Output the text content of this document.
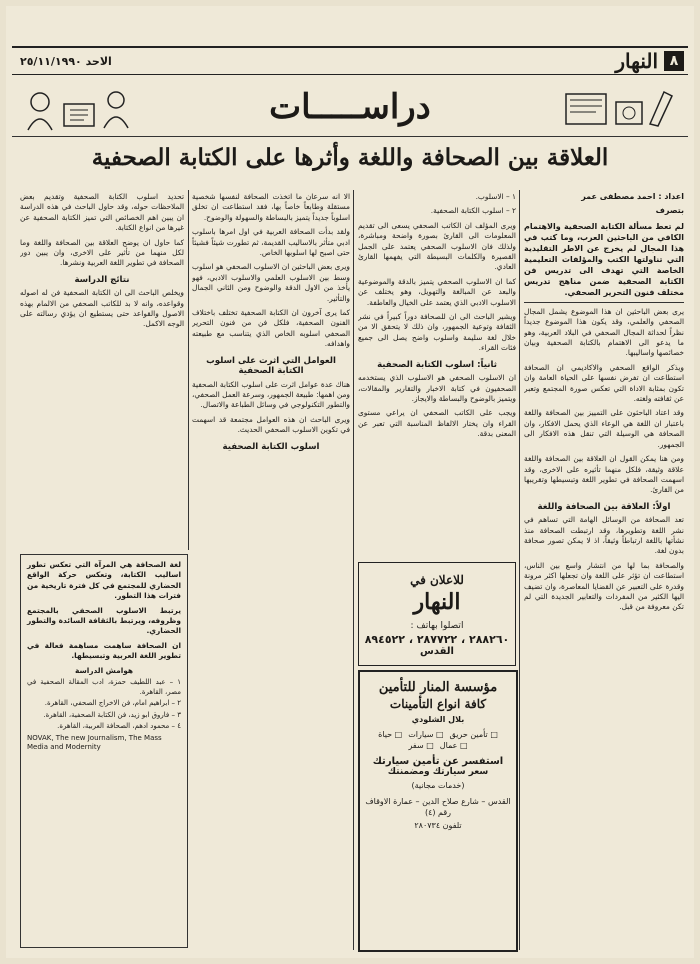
الاحد ٢٥/١١/١٩٩٠	النهار ٨
دراســـــات
العلاقة بين الصحافة واللغة وأثرها على الكتابة الصحفية
اعداد : احمد مصطفى عمر
بتصرف

لم تعط مسألة الكتابة الصحفية والاهتمام الكافي من الباحثين العرب، وما كتب في هذا المجال لم يخرج عن الاطر التقليدية التي تناولتها الكتب والمؤلفات التعليمية الخاصة التي تهدف الى تدريس فن الكتابة الصحفية ضمن مناهج تدريس مختلف فنون التحرير الصحفي.

يرى بعض الباحثين ان هذا الموضوع يشمل المجال الصحفي والعلمي، وقد يكون هذا الموضوع جديداً نظراً لحداثة المجال الصحفي في البلاد العربية، وهو ما يدعو الى الاهتمام بالكتابة الصحفية وبيان خصائصها واساليبها.

ويذكر الواقع الصحفي والاكاديمي ان الصحافة استطاعت ان تفرض نفسها على الحياة العامة وان تكون بمثابة الاداة التي تعكس صورة المجتمع وتعبر عن ثقافته ولغته.

وقد اعتاد الباحثون على التمييز بين الصحافة واللغة باعتبار ان اللغة هي الوعاء الذي يحمل الافكار، وان الصحافة هي الوسيلة التي تنقل هذه الافكار الى الجمهور.

ومن هنا يمكن القول ان العلاقة بين الصحافة واللغة علاقة وثيقة، فلكل منهما تأثيره على الاخرى، وقد اسهمت الصحافة في تطوير اللغة وتبسيطها وتقريبها من القارئ.

اولاً: العلاقة بين الصحافة واللغة

تعد الصحافة من الوسائل الهامة التي تساهم في نشر اللغة وتطويرها، وقد ارتبطت الصحافة منذ نشأتها باللغة ارتباطاً وثيقاً، اذ لا يمكن تصور صحافة بدون لغة.

والصحافة بما لها من انتشار واسع بين الناس، استطاعت ان تؤثر على اللغة وان تجعلها اكثر مرونة وقدرة على التعبير عن القضايا المعاصرة، وان تضيف اليها الكثير من المفردات والتعابير الجديدة التي لم تكن معروفة من قبل.

١ – الاسلوب.

٢ – اسلوب الكتابة الصحفية.

ويرى المؤلف ان الكاتب الصحفي يسعى الى تقديم المعلومات الى القارئ بصورة واضحة ومباشرة، ولذلك فان الاسلوب الصحفي يعتمد على الجمل القصيرة والكلمات البسيطة التي يفهمها القارئ العادي.

كما ان الاسلوب الصحفي يتميز بالدقة والموضوعية والبعد عن المبالغة والتهويل، وهو يختلف عن الاسلوب الادبي الذي يعتمد على الخيال والعاطفة.

ويشير الباحث الى ان للصحافة دوراً كبيراً في نشر الثقافة وتوعية الجمهور، وان ذلك لا يتحقق الا من خلال لغة سليمة واسلوب واضح يصل الى جميع فئات القراء.

ثانياً: اسلوب الكتابة الصحفية

ان الاسلوب الصحفي هو الاسلوب الذي يستخدمه الصحفيون في كتابة الاخبار والتقارير والمقالات، ويتميز بالوضوح والبساطة والايجاز.

ويجب على الكاتب الصحفي ان يراعي مستوى القراء وان يختار الالفاظ المناسبة التي تعبر عن المعنى بدقة.

الا انه سرعان ما اتخذت الصحافة لنفسها شخصية مستقلة وطابعاً خاصاً بها، فقد استطاعت ان تخلق اسلوباً جديداً يتميز بالبساطة والسهولة والوضوح.

ولقد بدأت الصحافة العربية في اول امرها باسلوب ادبي متأثر بالاساليب القديمة، ثم تطورت شيئاً فشيئاً حتى اصبح لها اسلوبها الخاص.

ويرى بعض الباحثين ان الاسلوب الصحفي هو اسلوب وسط بين الاسلوب العلمي والاسلوب الادبي، فهو يأخذ من الاول الدقة والوضوح ومن الثاني الجمال والتأثير.

كما يرى آخرون ان الكتابة الصحفية تختلف باختلاف الفنون الصحفية، فلكل فن من فنون التحرير الصحفي اسلوبه الخاص الذي يتناسب مع طبيعته واهدافه.

العوامل التي اثرت على اسلوب الكتابة الصحفية

هناك عدة عوامل اثرت على اسلوب الكتابة الصحفية ومن اهمها: طبيعة الجمهور، وسرعة العمل الصحفي، والتطور التكنولوجي في وسائل الطباعة والاتصال.

ويرى الباحث ان هذه العوامل مجتمعة قد اسهمت في تكوين الاسلوب الصحفي الحديث.

اسلوب الكتابة الصحفية

تحديد اسلوب الكتابة الصحفية وتقديم بعض الملاحظات حوله، وقد حاول الباحث في هذه الدراسة ان يبين اهم الخصائص التي تميز الكتابة الصحفية عن غيرها من انواع الكتابة.

كما حاول ان يوضح العلاقة بين الصحافة واللغة وما لكل منهما من تأثير على الاخرى، وان يبين دور الصحافة في تطوير اللغة العربية ونشرها.

نتائج الدراسة

ويخلص الباحث الى ان الكتابة الصحفية فن له اصوله وقواعده، وانه لا بد للكاتب الصحفي من الالمام بهذه الاصول والقواعد حتى يستطيع ان يؤدي رسالته على الوجه الاكمل.

لغة الصحافة هي المرآة التي تعكس تطور اساليب الكتابة، وتعكس حركة الواقع الحضاري للمجتمع في كل فترة تاريخية من فترات هذا التطور.

يرتبط الاسلوب الصحفي بالمجتمع وظروفه، ويرتبط بالثقافة السائدة والتطور الحضاري.

ان الصحافة ساهمت مساهمة فعالة في تطوير اللغة العربية وتبسيطها.

هوامش الدراسة

١ – عبد اللطيف حمزة، ادب المقالة الصحفية في مصر، القاهرة.

٢ – ابراهيم امام، فن الاخراج الصحفي، القاهرة.

٣ – فاروق ابو زيد، فن الكتابة الصحفية، القاهرة.

٤ – محمود ادهم، الصحافة العربية، القاهرة.

NOVAK, The new Journalism, The Mass Media and Modernity

للاعلان في
النهار
اتصلوا بهاتف :
٢٨٨٢٦٠ ، ٢٨٧٧٢٢ ، ٨٩٤٥٢٢
القدس
مؤسسة المنار للتأمين
كافة انواع التأمينات
بلال الشلودي
□ تأمين حريق
□ سيارات
□ حياة
□ عمال
□ سفر
استفسر عن تأمين سيارتك
سعر سيارتك ومضمنتك
(خدمات مجانية)
القدس – شارع صلاح الدين – عمارة الاوقاف رقم (٤)
تلفون ٢٨٠٧٣٤
